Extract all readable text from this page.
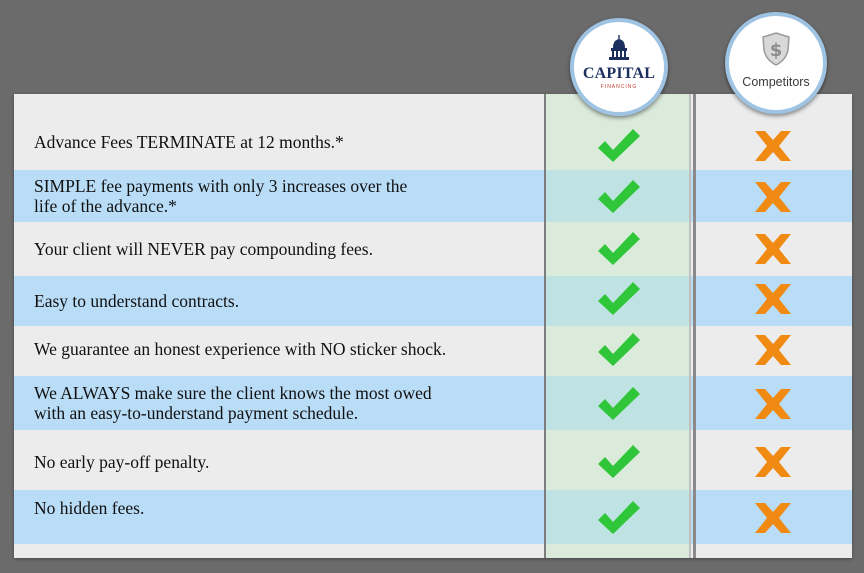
Advance Fees TERMINATE at 12 months.*
SIMPLE fee payments with only 3 increases over the
life of the advance.*
Your client will NEVER pay compounding fees.
Easy to understand contracts.
We guarantee an honest experience with NO sticker shock.
We ALWAYS make sure the client knows the most owed
with an easy-to-understand payment schedule.
No early pay-off penalty.
No hidden fees.
CAPITAL
FINANCING
$
Competitors
